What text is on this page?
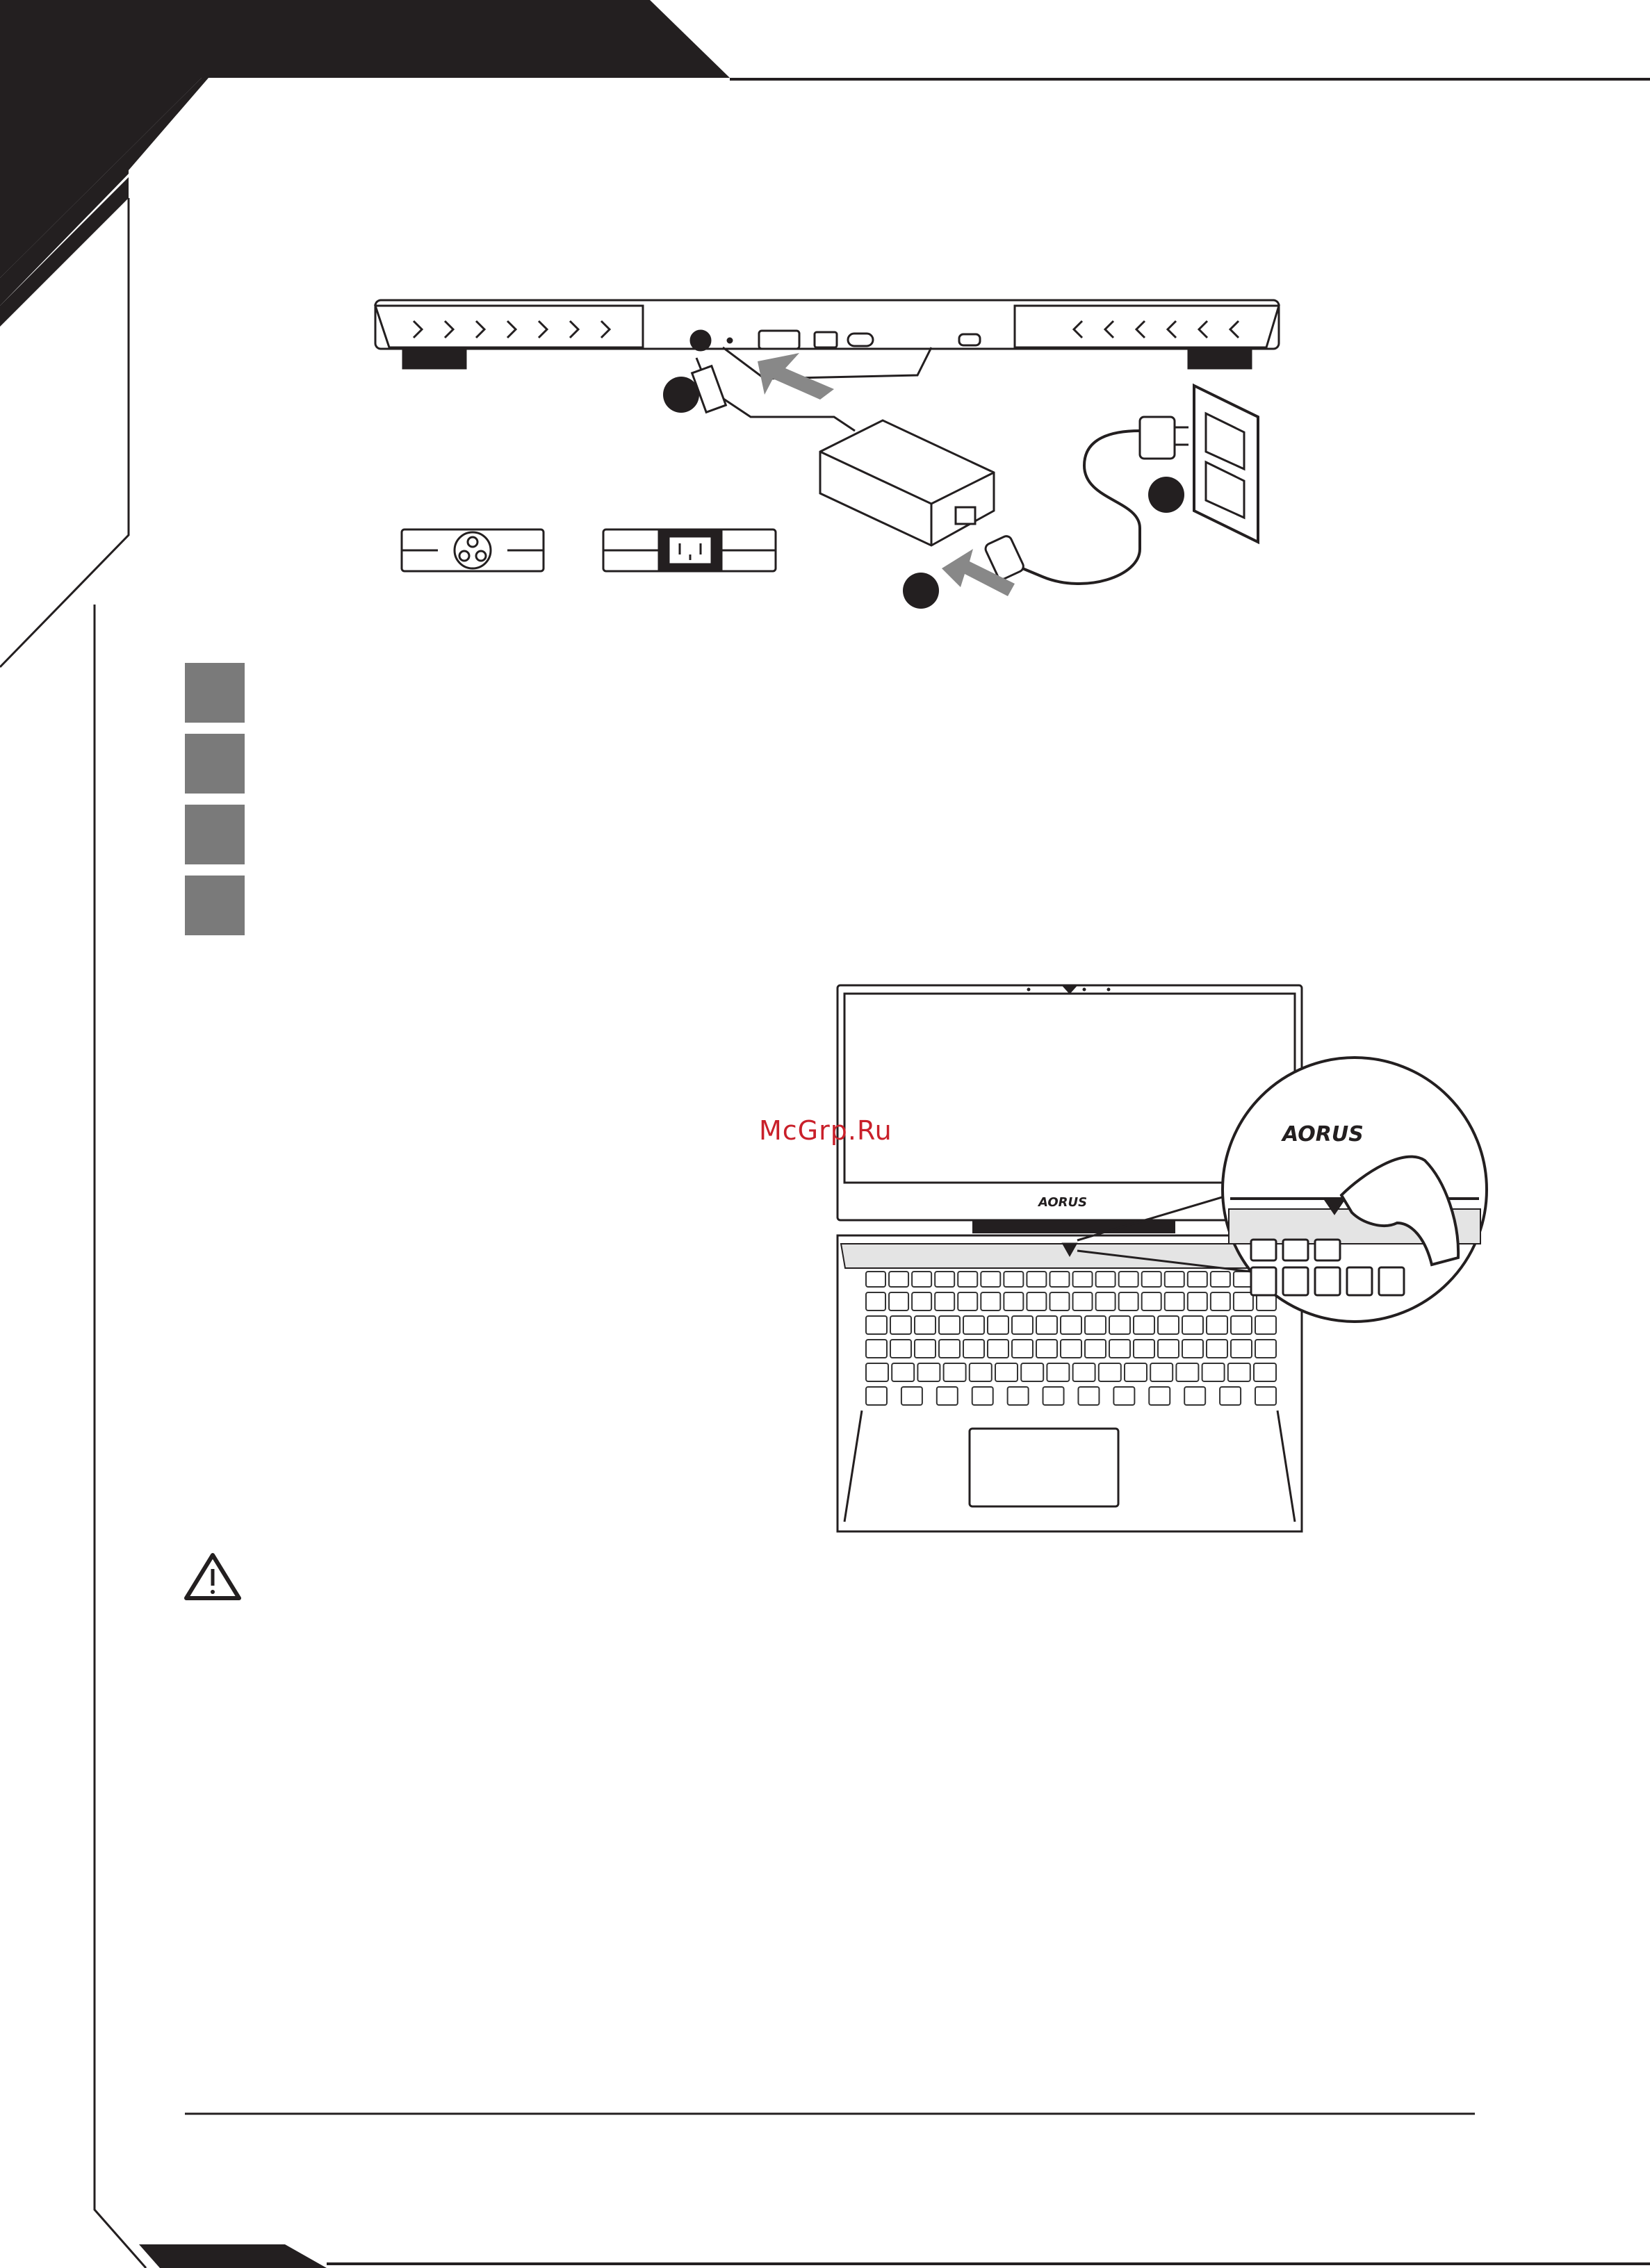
AORUS
AORUS
McGrp.Ru
